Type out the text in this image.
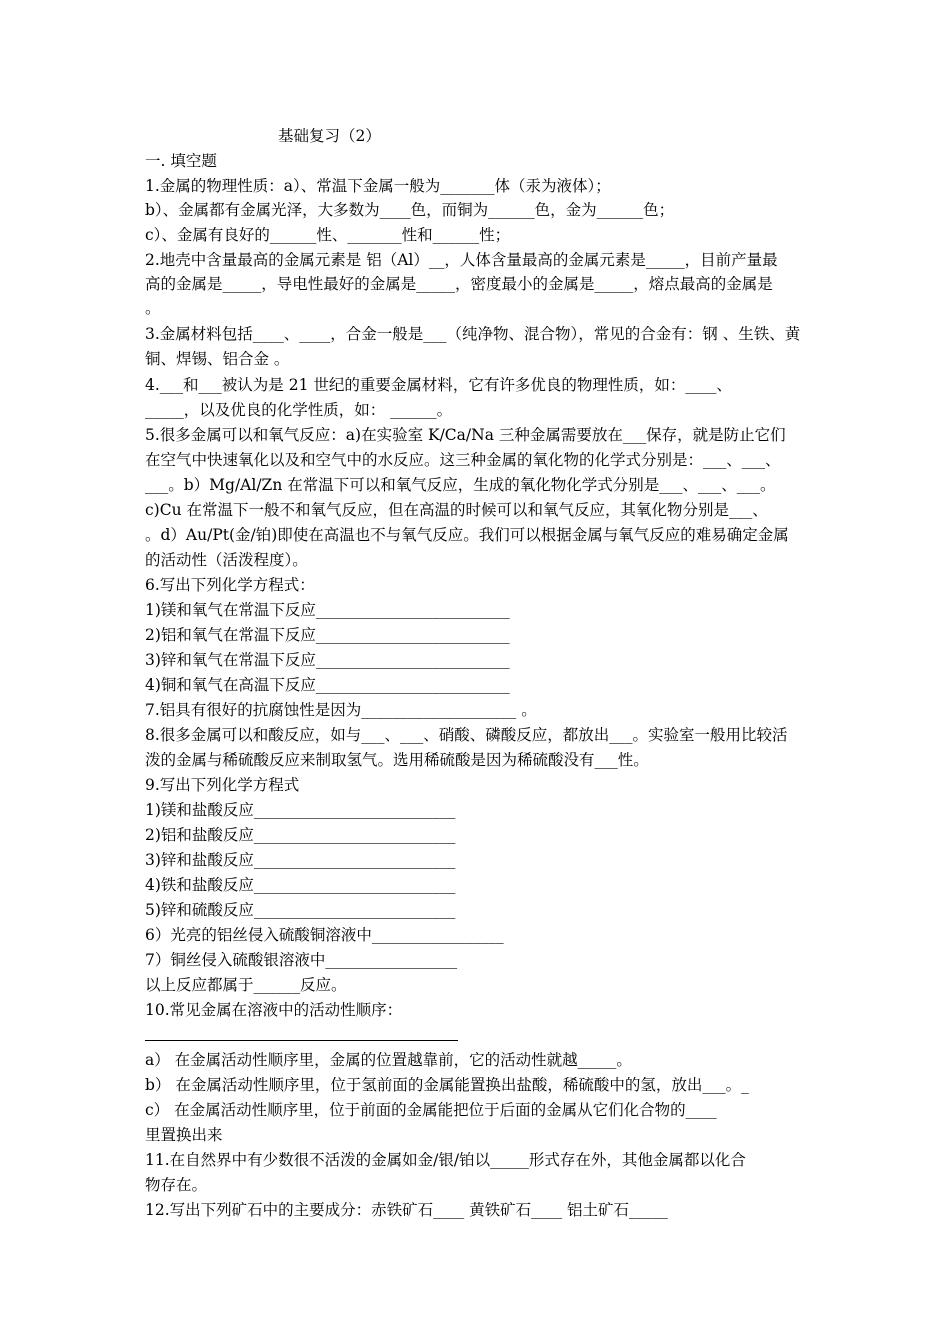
基础复习（2）
一. 填空题
1.金属的物理性质：a）、常温下金属一般为_______体（汞为液体）；
b）、金属都有金属光泽，大多数为____色，而铜为______色，金为______色；
c）、金属有良好的______性、_______性和______性；
2.地壳中含量最高的金属元素是 铝（Al）__，人体含量最高的金属元素是_____，目前产量最
高的金属是_____，导电性最好的金属是_____，密度最小的金属是_____，熔点最高的金属是
。
3.金属材料包括____、____，合金一般是___（纯净物、混合物），常见的合金有：钢 、生铁、黄
铜、焊锡、铝合金 。
4.___和___被认为是 21 世纪的重要金属材料，它有许多优良的物理性质，如：____、
_____，以及优良的化学性质，如： ______。
5.很多金属可以和氧气反应：a)在实验室 K/Ca/Na 三种金属需要放在___保存，就是防止它们
在空气中快速氧化以及和空气中的水反应。这三种金属的氧化物的化学式分别是：___、___、
___。b）Mg/Al/Zn 在常温下可以和氧气反应，生成的氧化物化学式分别是___、___、___。
c)Cu 在常温下一般不和氧气反应，但在高温的时候可以和氧气反应，其氧化物分别是___、
。d）Au/Pt(金/铂)即使在高温也不与氧气反应。我们可以根据金属与氧气反应的难易确定金属
的活动性（活泼程度）。
6.写出下列化学方程式：
1)镁和氧气在常温下反应_________________________
2)铝和氧气在常温下反应_________________________
3)锌和氧气在常温下反应_________________________
4)铜和氧气在高温下反应_________________________
7.铝具有很好的抗腐蚀性是因为____________________ 。
8.很多金属可以和酸反应，如与___、___、硝酸、磷酸反应，都放出___。实验室一般用比较活
泼的金属与稀硫酸反应来制取氢气。选用稀硫酸是因为稀硫酸没有___性。
9.写出下列化学方程式
1)镁和盐酸反应__________________________
2)铝和盐酸反应__________________________
3)锌和盐酸反应__________________________
4)铁和盐酸反应__________________________
5)锌和硫酸反应__________________________
6）光亮的铝丝侵入硫酸铜溶液中_________________
7）铜丝侵入硫酸银溶液中_________________
以上反应都属于______反应。
10.常见金属在溶液中的活动性顺序：
a） 在金属活动性顺序里，金属的位置越靠前，它的活动性就越_____。
b） 在金属活动性顺序里，位于氢前面的金属能置换出盐酸，稀硫酸中的氢，放出___。_
c） 在金属活动性顺序里，位于前面的金属能把位于后面的金属从它们化合物的____
里置换出来
11.在自然界中有少数很不活泼的金属如金/银/铂以_____形式存在外，其他金属都以化合
物存在。
12.写出下列矿石中的主要成分：赤铁矿石____ 黄铁矿石____ 铝土矿石_____
